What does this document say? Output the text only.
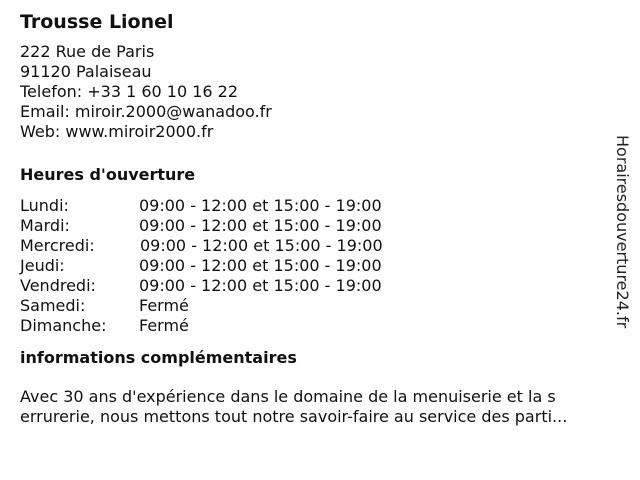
Trousse Lionel
222 Rue de Paris
91120 Palaiseau
Telefon: +33 1 60 10 16 22
Email: miroir.2000@wanadoo.fr
Web: www.miroir2000.fr
Heures d'ouverture
Lundi:	09:00 - 12:00 et 15:00 - 19:00
Mardi:	09:00 - 12:00 et 15:00 - 19:00
Mercredi:	09:00 - 12:00 et 15:00 - 19:00
Jeudi:	09:00 - 12:00 et 15:00 - 19:00
Vendredi:	09:00 - 12:00 et 15:00 - 19:00
Samedi:	Fermé
Dimanche: Fermé
informations complémentaires
Avec 30 ans d'expérience dans le domaine de la menuiserie et la s
errurerie, nous mettons tout notre savoir-faire au service des parti...
Horairesdouverture24.fr
